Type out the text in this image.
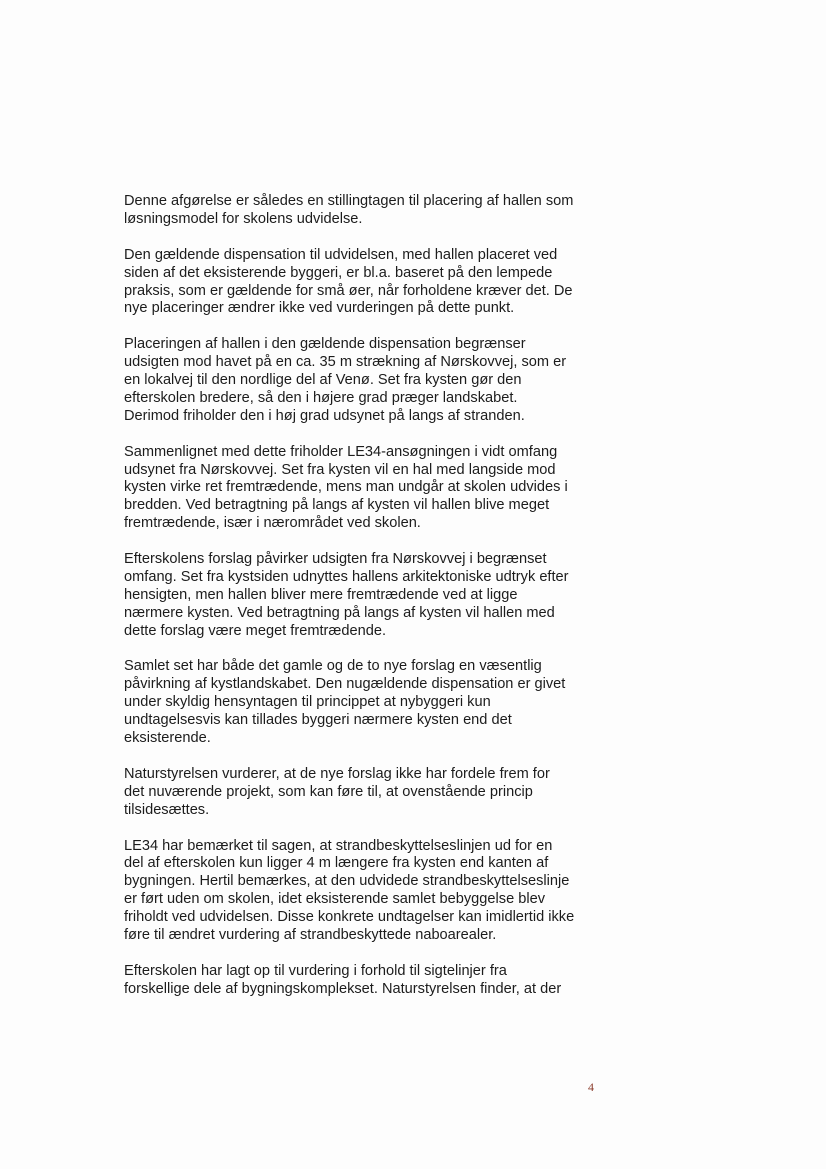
Denne afgørelse er således en stillingtagen til placering af hallen som
løsningsmodel for skolens udvidelse.

Den gældende dispensation til udvidelsen, med hallen placeret ved
siden af det eksisterende byggeri, er bl.a. baseret på den lempede
praksis, som er gældende for små øer, når forholdene kræver det. De
nye placeringer ændrer ikke ved vurderingen på dette punkt.

Placeringen af hallen i den gældende dispensation begrænser
udsigten mod havet på en ca. 35 m strækning af Nørskovvej, som er
en lokalvej til den nordlige del af Venø. Set fra kysten gør den
efterskolen bredere, så den i højere grad præger landskabet.
Derimod friholder den i høj grad udsynet på langs af stranden.

Sammenlignet med dette friholder LE34-ansøgningen i vidt omfang
udsynet fra Nørskovvej. Set fra kysten vil en hal med langside mod
kysten virke ret fremtrædende, mens man undgår at skolen udvides i
bredden. Ved betragtning på langs af kysten vil hallen blive meget
fremtrædende, især i nærområdet ved skolen.

Efterskolens forslag påvirker udsigten fra Nørskovvej i begrænset
omfang. Set fra kystsiden udnyttes hallens arkitektoniske udtryk efter
hensigten, men hallen bliver mere fremtrædende ved at ligge
nærmere kysten. Ved betragtning på langs af kysten vil hallen med
dette forslag være meget fremtrædende.

Samlet set har både det gamle og de to nye forslag en væsentlig
påvirkning af kystlandskabet. Den nugældende dispensation er givet
under skyldig hensyntagen til princippet at nybyggeri kun
undtagelsesvis kan tillades byggeri nærmere kysten end det
eksisterende.

Naturstyrelsen vurderer, at de nye forslag ikke har fordele frem for
det nuværende projekt, som kan føre til, at ovenstående princip
tilsidesættes.

LE34 har bemærket til sagen, at strandbeskyttelseslinjen ud for en
del af efterskolen kun ligger 4 m længere fra kysten end kanten af
bygningen. Hertil bemærkes, at den udvidede strandbeskyttelseslinje
er ført uden om skolen, idet eksisterende samlet bebyggelse blev
friholdt ved udvidelsen. Disse konkrete undtagelser kan imidlertid ikke
føre til ændret vurdering af strandbeskyttede naboarealer.

Efterskolen har lagt op til vurdering i forhold til sigtelinjer fra
forskellige dele af bygningskomplekset. Naturstyrelsen finder, at der

4
